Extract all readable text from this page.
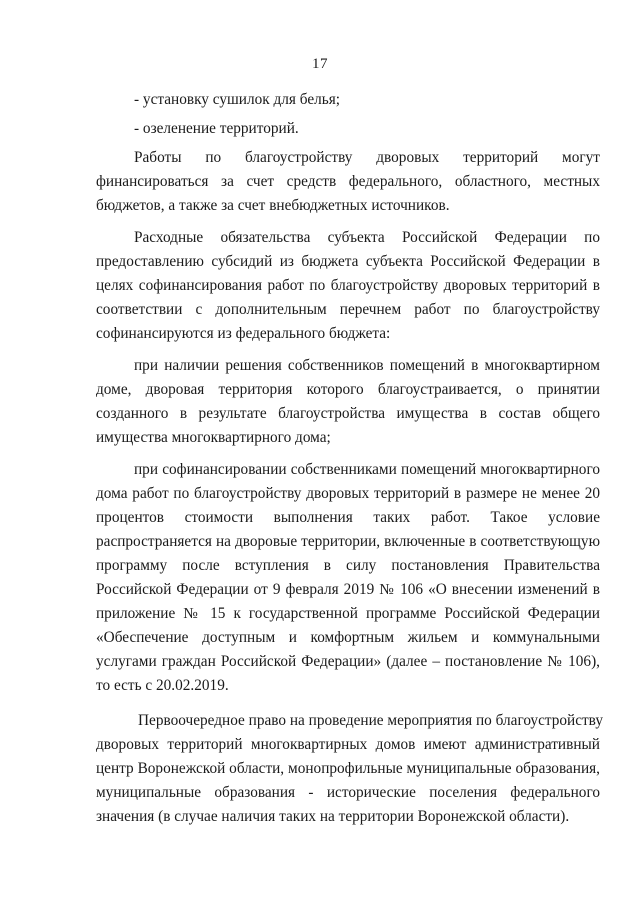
17
- установку сушилок для белья;
- озеленение территорий.
Работы по благоустройству дворовых территорий могут
финансироваться за счет средств федерального, областного, местных
бюджетов, а также за счет внебюджетных источников.
Расходные обязательства субъекта Российской Федерации по
предоставлению субсидий из бюджета субъекта Российской Федерации в
целях софинансирования работ по благоустройству дворовых территорий в
соответствии с дополнительным перечнем работ по благоустройству
софинансируются из федерального бюджета:
при наличии решения собственников помещений в многоквартирном
доме, дворовая территория которого благоустраивается, о принятии
созданного в результате благоустройства имущества в состав общего
имущества многоквартирного дома;
при софинансировании собственниками помещений многоквартирного
дома работ по благоустройству дворовых территорий в размере не менее 20
процентов стоимости выполнения таких работ. Такое условие
распространяется на дворовые территории, включенные в соответствующую
программу после вступления в силу постановления Правительства
Российской Федерации от 9 февраля 2019 № 106 «О внесении изменений в
приложение № 15 к государственной программе Российской Федерации
«Обеспечение доступным и комфортным жильем и коммунальными
услугами граждан Российской Федерации» (далее – постановление № 106),
то есть с 20.02.2019.
Первоочередное право на проведение мероприятия по благоустройству
дворовых территорий многоквартирных домов имеют административный
центр Воронежской области, монопрофильные муниципальные образования,
муниципальные образования - исторические поселения федерального
значения (в случае наличия таких на территории Воронежской области).
